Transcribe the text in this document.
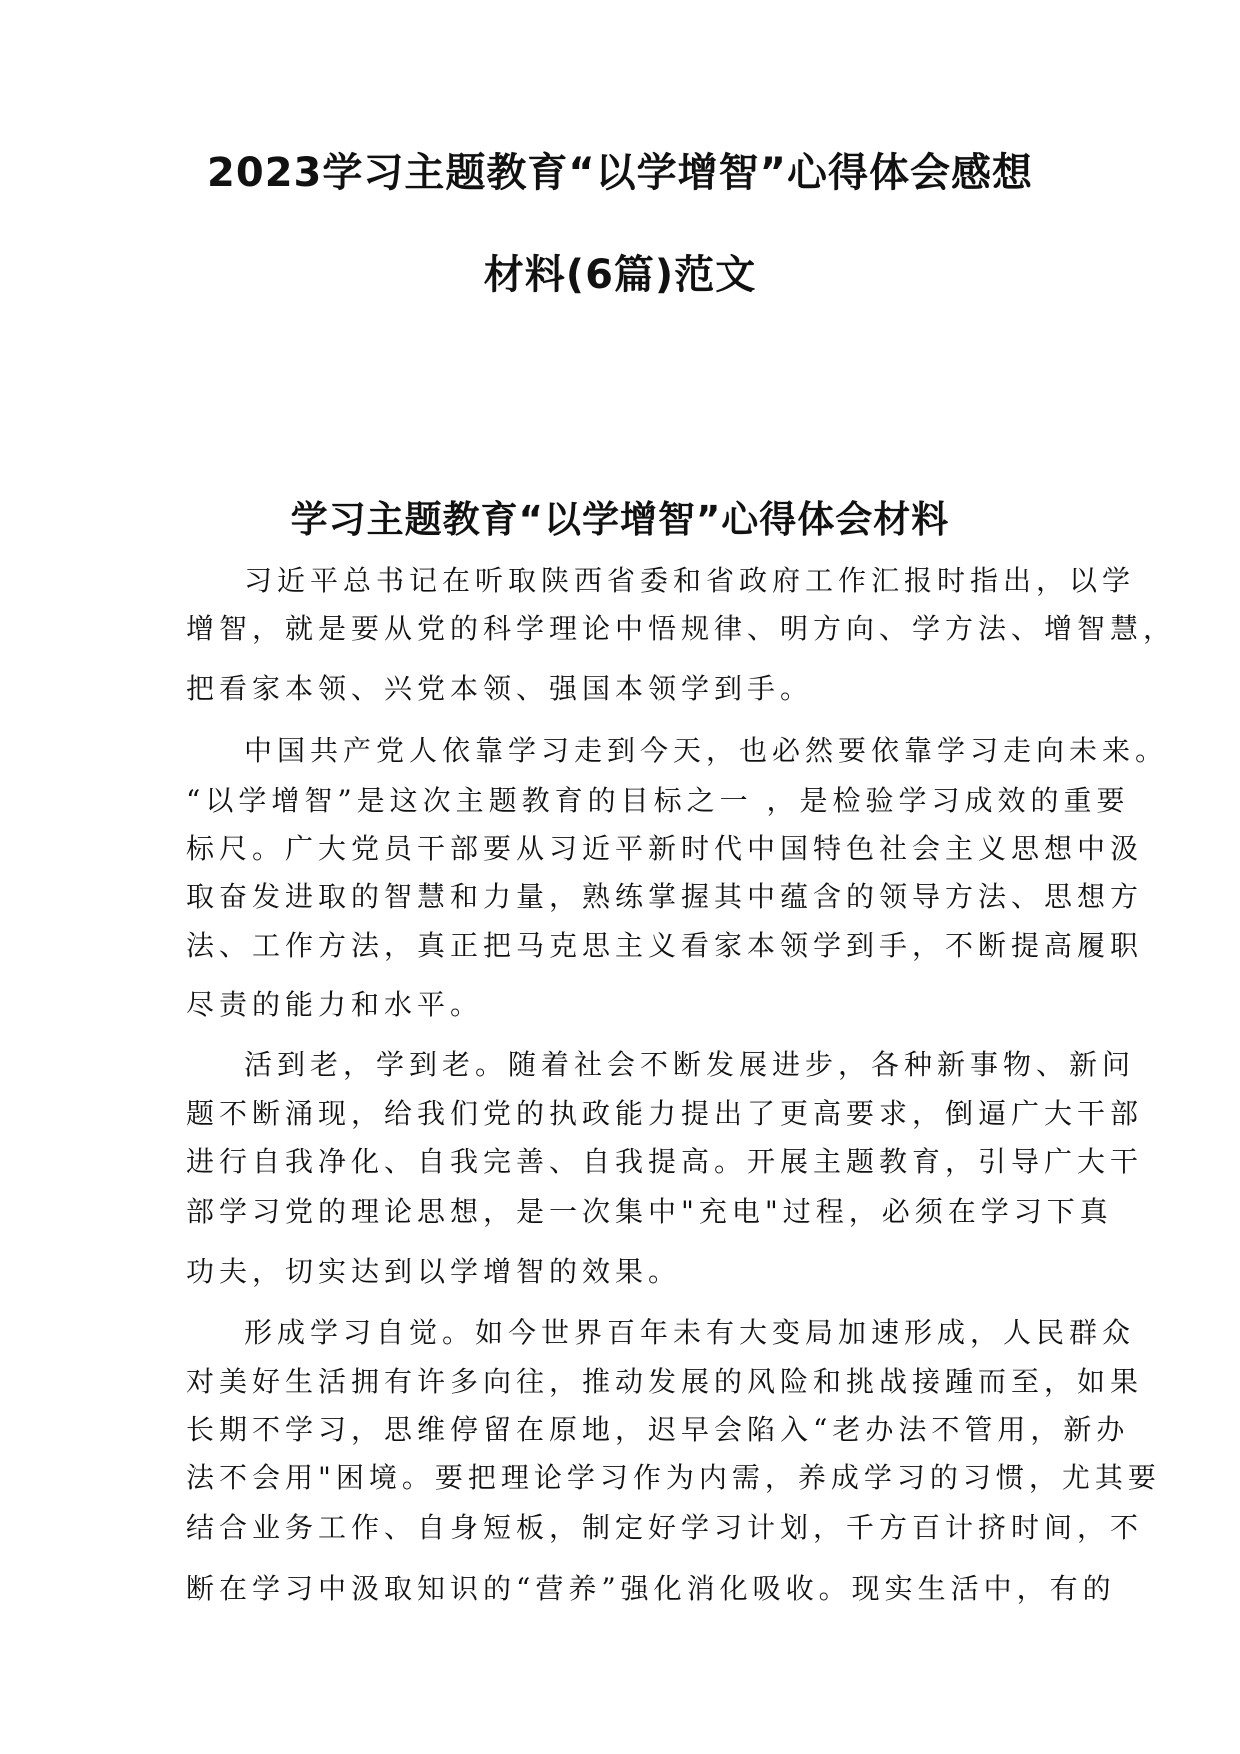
2023学习主题教育“以学增智”心得体会感想
材料(6篇)范文
学习主题教育“以学增智”心得体会材料
习近平总书记在听取陕西省委和省政府工作汇报时指出，以学
增智，就是要从党的科学理论中悟规律、明方向、学方法、增智慧，
把看家本领、兴党本领、强国本领学到手。
中国共产党人依靠学习走到今天，也必然要依靠学习走向未来。
“以学增智”是这次主题教育的目标之一 ，是检验学习成效的重要
标尺。广大党员干部要从习近平新时代中国特色社会主义思想中汲
取奋发进取的智慧和力量，熟练掌握其中蕴含的领导方法、思想方
法、工作方法，真正把马克思主义看家本领学到手，不断提高履职
尽责的能力和水平。
活到老，学到老。随着社会不断发展进步，各种新事物、新问
题不断涌现，给我们党的执政能力提出了更高要求，倒逼广大干部
进行自我净化、自我完善、自我提高。开展主题教育，引导广大干
部学习党的理论思想，是一次集中"充电"过程，必须在学习下真
功夫，切实达到以学增智的效果。
形成学习自觉。如今世界百年未有大变局加速形成，人民群众
对美好生活拥有许多向往，推动发展的风险和挑战接踵而至，如果
长期不学习，思维停留在原地，迟早会陷入“老办法不管用，新办
法不会用"困境。要把理论学习作为内需，养成学习的习惯，尤其要
结合业务工作、自身短板，制定好学习计划，千方百计挤时间，不
断在学习中汲取知识的“营养”强化消化吸收。现实生活中，有的
